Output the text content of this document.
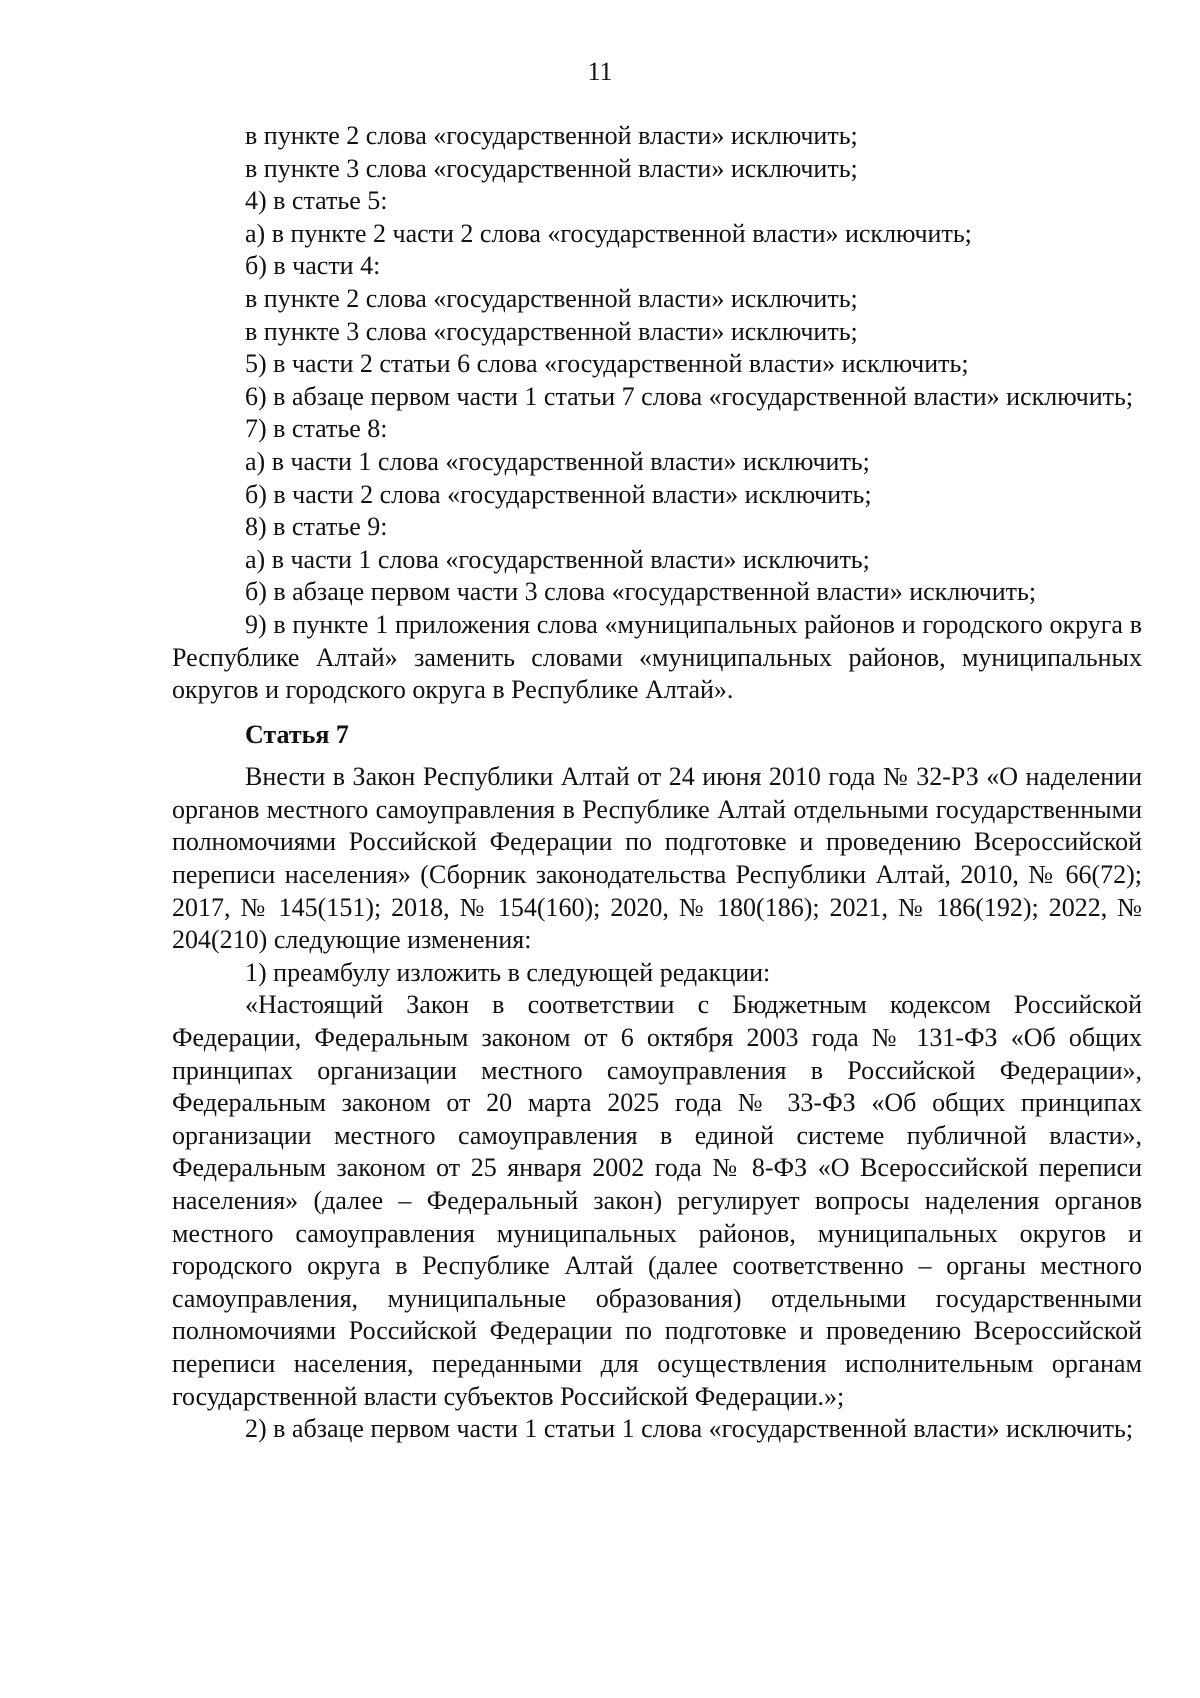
11

в пункте 2 слова «государственной власти» исключить;

в пункте 3 слова «государственной власти» исключить;

4) в статье 5:

а) в пункте 2 части 2 слова «государственной власти» исключить;

б) в части 4:

в пункте 2 слова «государственной власти» исключить;

в пункте 3 слова «государственной власти» исключить;

5) в части 2 статьи 6 слова «государственной власти» исключить;

6) в абзаце первом части 1 статьи 7 слова «государственной власти» исключить;

7) в статье 8:

а) в части 1 слова «государственной власти» исключить;

б) в части 2 слова «государственной власти» исключить;

8) в статье 9:

а) в части 1 слова «государственной власти» исключить;

б) в абзаце первом части 3 слова «государственной власти» исключить;

9) в пункте 1 приложения слова «муниципальных районов и городского округа в Республике Алтай» заменить словами «муниципальных районов, муниципальных округов и городского округа в Республике Алтай».

Статья 7

Внести в Закон Республики Алтай от 24 июня 2010 года № 32-РЗ «О наделении органов местного самоуправления в Республике Алтай отдельными государственными полномочиями Российской Федерации по подготовке и проведению Всероссийской переписи населения» (Сборник законодательства Республики Алтай, 2010, № 66(72); 2017, № 145(151); 2018, № 154(160); 2020, № 180(186); 2021, № 186(192); 2022, № 204(210) следующие изменения:

1) преамбулу изложить в следующей редакции:

«Настоящий Закон в соответствии с Бюджетным кодексом Российской Федерации, Федеральным законом от 6 октября 2003 года № 131-ФЗ «Об общих принципах организации местного самоуправления в Российской Федерации», Федеральным законом от 20 марта 2025 года № 33-ФЗ «Об общих принципах организации местного самоуправления в единой системе публичной власти», Федеральным законом от 25 января 2002 года № 8-ФЗ «О Всероссийской переписи населения» (далее – Федеральный закон) регулирует вопросы наделения органов местного самоуправления муниципальных районов, муниципальных округов и городского округа в Республике Алтай (далее соответственно – органы местного самоуправления, муниципальные образования) отдельными государственными полномочиями Российской Федерации по подготовке и проведению Всероссийской переписи населения, переданными для осуществления исполнительным органам государственной власти субъектов Российской Федерации.»;

2) в абзаце первом части 1 статьи 1 слова «государственной власти» исключить;
